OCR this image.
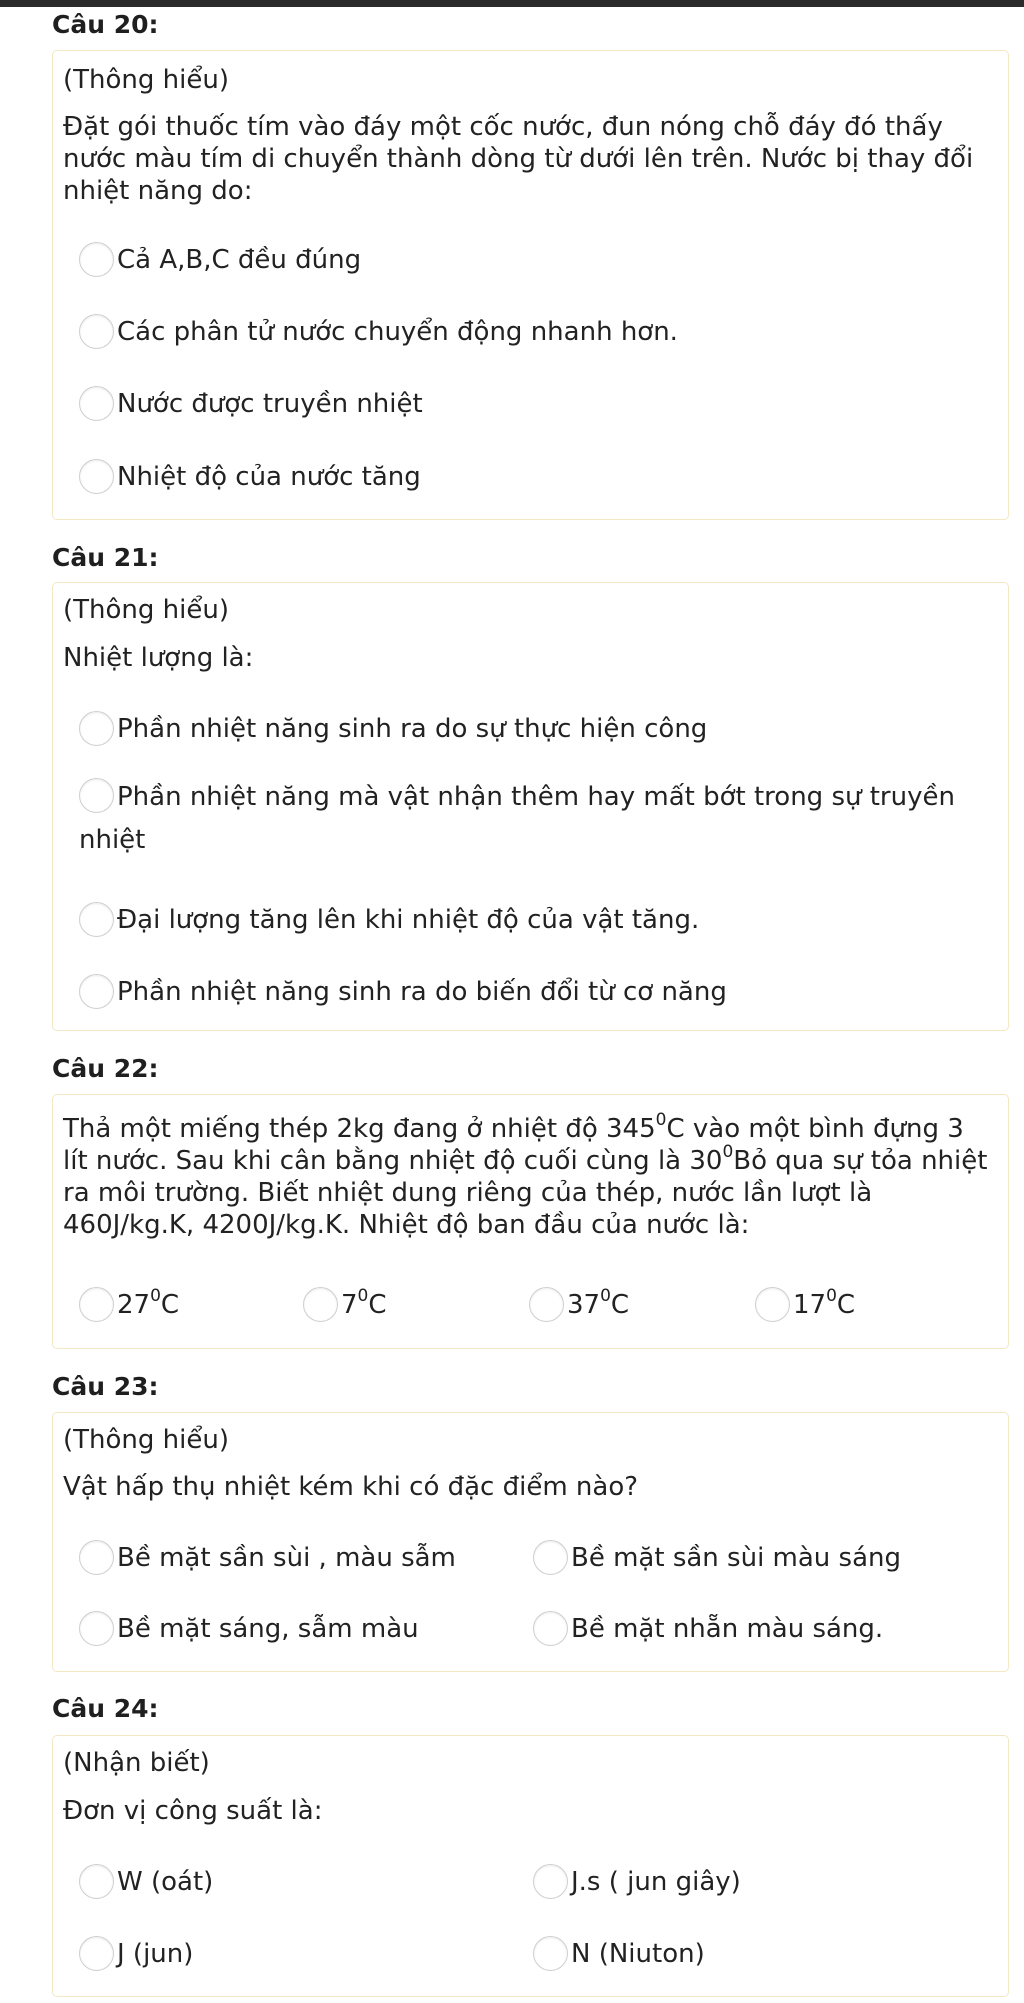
Câu 20:
(Thông hiểu)
Đặt gói thuốc tím vào đáy một cốc nước, đun nóng chỗ đáy đó thấy nước màu tím di chuyển thành dòng từ dưới lên trên. Nước bị thay đổi nhiệt năng do:
Cả A,B,C đều đúng
Các phân tử nước chuyển động nhanh hơn.
Nước được truyền nhiệt
Nhiệt độ của nước tăng
Câu 21:
(Thông hiểu)
Nhiệt lượng là:
Phần nhiệt năng sinh ra do sự thực hiện công
Phần nhiệt năng mà vật nhận thêm hay mất bớt trong sự truyền nhiệt
Đại lượng tăng lên khi nhiệt độ của vật tăng.
Phần nhiệt năng sinh ra do biến đổi từ cơ năng
Câu 22:
Thả một miếng thép 2kg đang ở nhiệt độ $345^0C$ vào một bình đựng 3 lít nước. Sau khi cân bằng nhiệt độ cuối cùng là $30^0Bỏ$ qua sự tỏa nhiệt ra môi trường. Biết nhiệt dung riêng của thép, nước lần lượt là 460J/kg.K, 4200J/kg.K. Nhiệt độ ban đầu của nước là:
$27^0C$	$7^0C$	$37^0C$	$17^0C$
Câu 23:
(Thông hiểu)
Vật hấp thụ nhiệt kém khi có đặc điểm nào?
Bề mặt sần sùi , màu sẫm	Bề mặt sần sùi màu sáng
Bề mặt sáng, sẫm màu	Bề mặt nhẵn màu sáng.
Câu 24:
(Nhận biết)
Đơn vị công suất là:
W (oát)	J.s ( jun giây)
J (jun)	N (Niuton)
